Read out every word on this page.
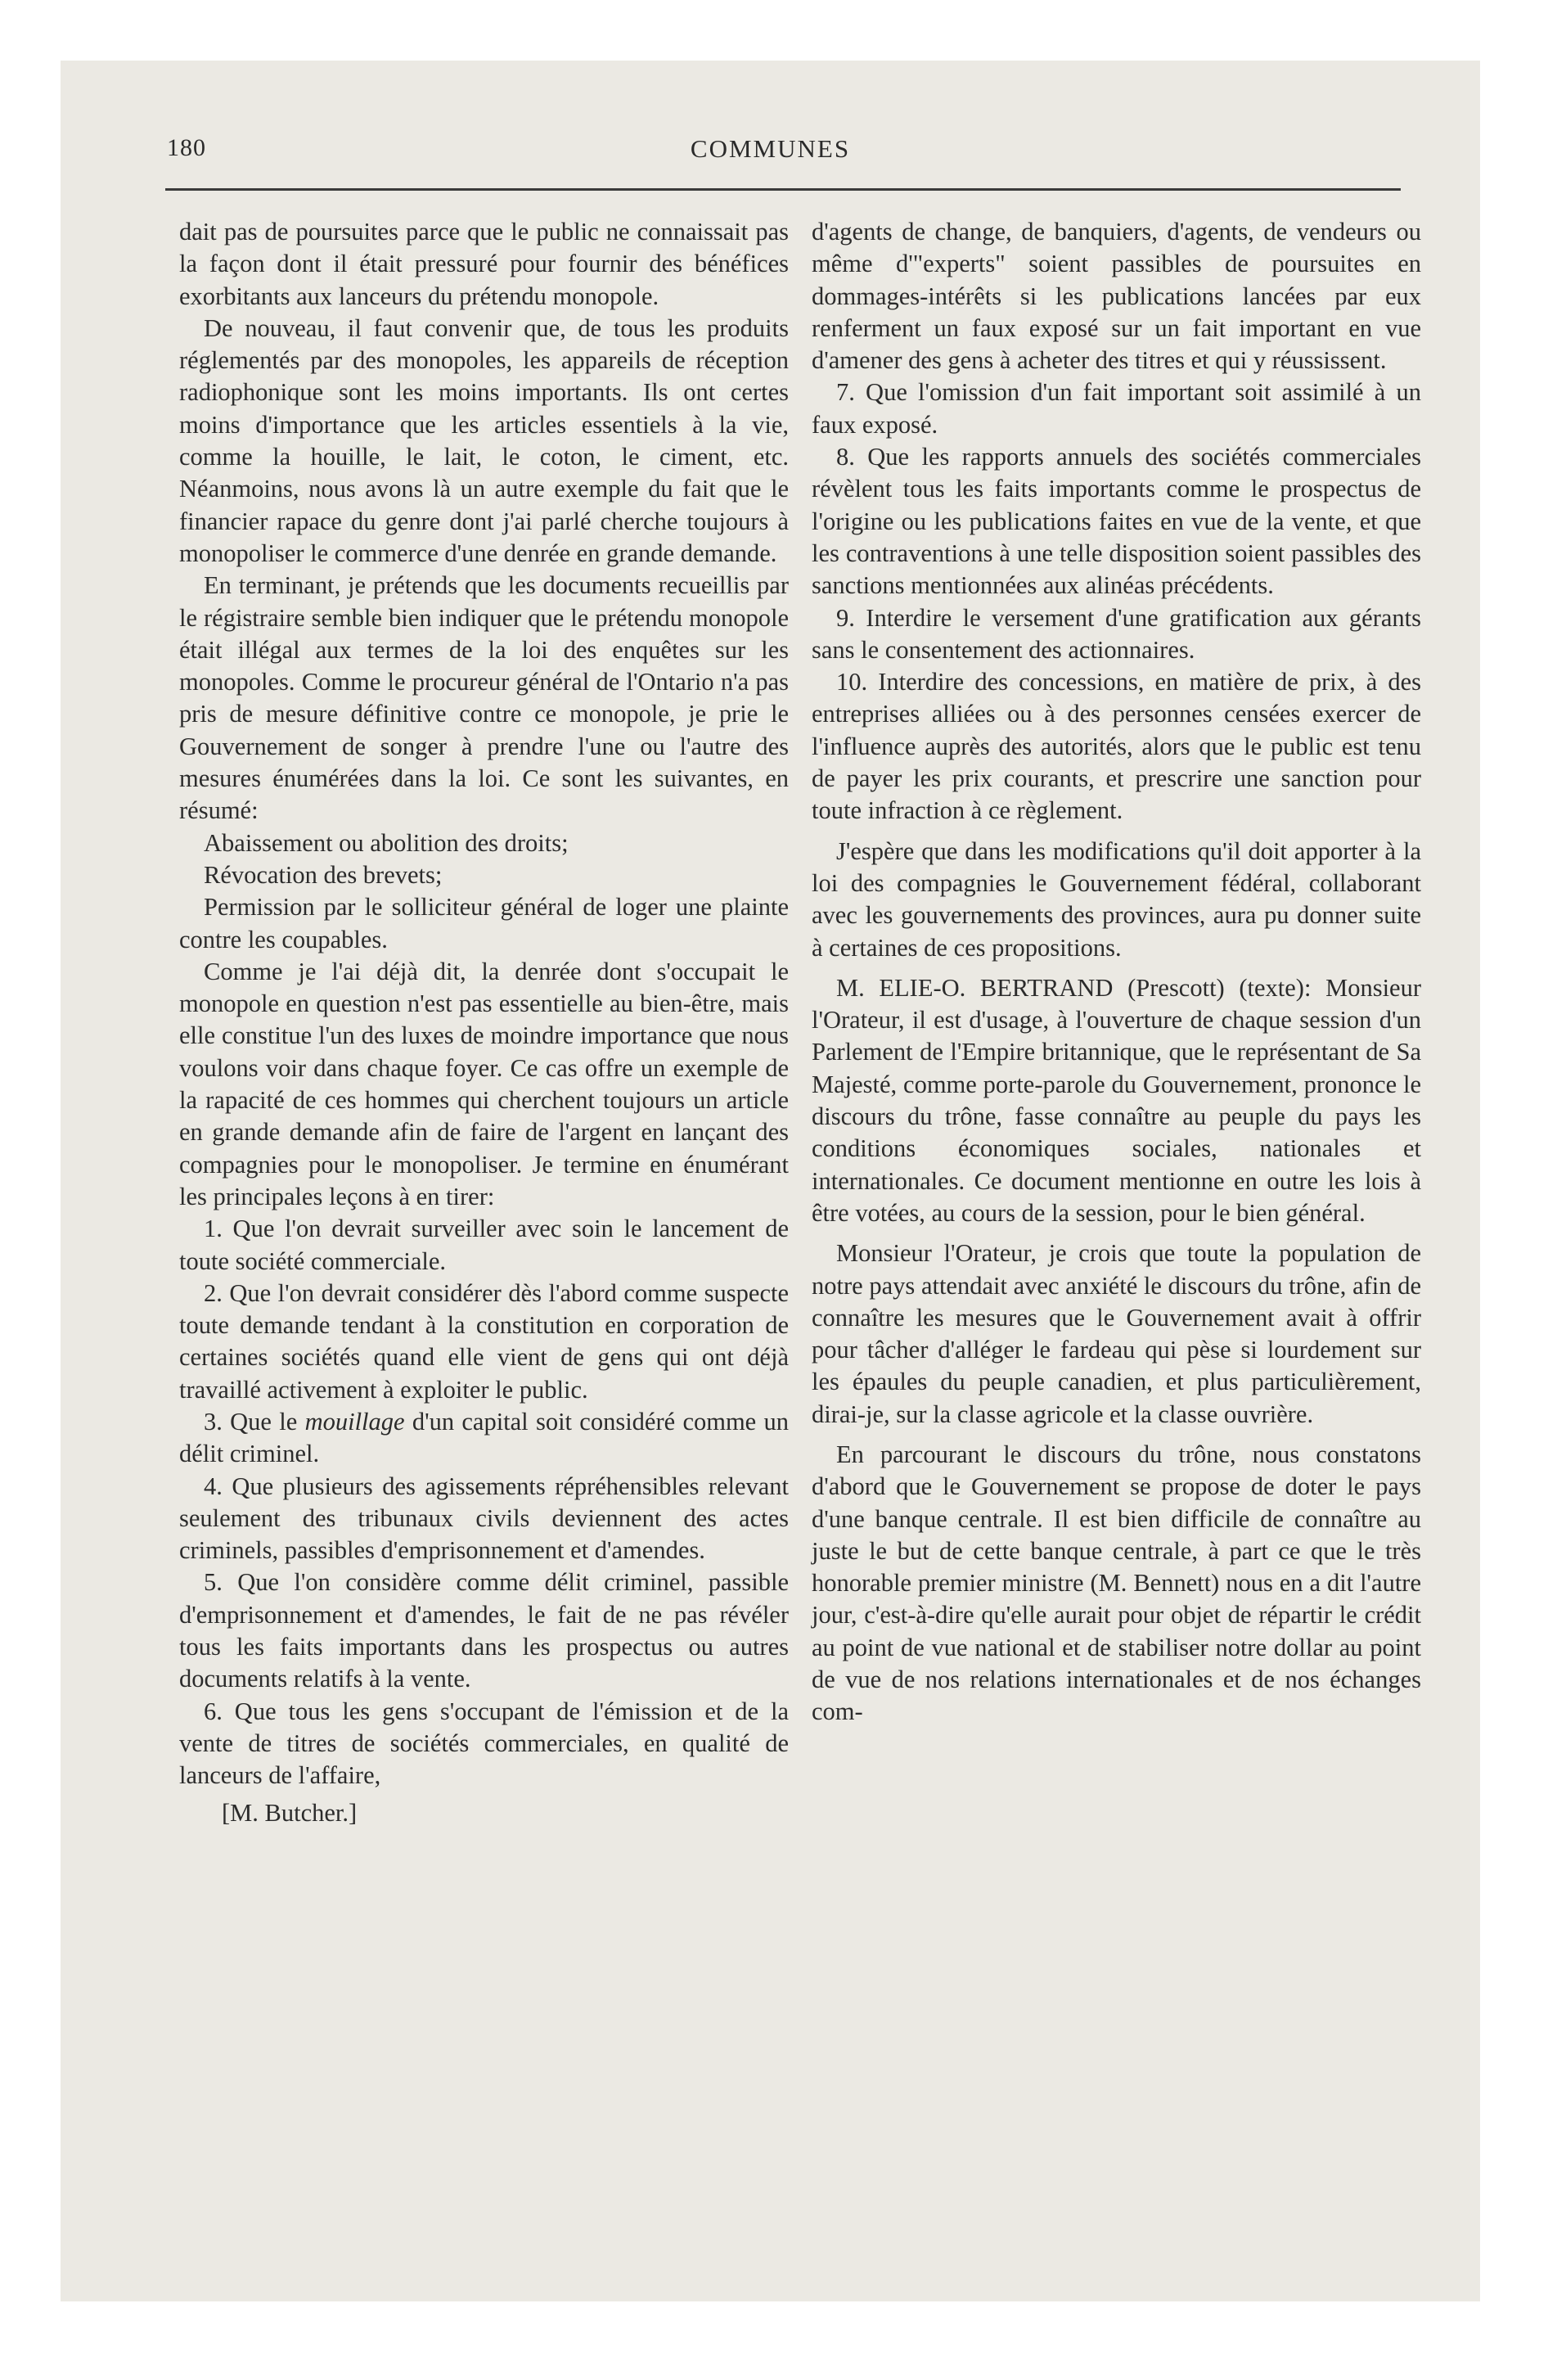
COMMUNES
180

dait pas de poursuites parce que le public ne connaissait pas la façon dont il était pressuré pour fournir des bénéfices exorbitants aux lanceurs du prétendu monopole.

De nouveau, il faut convenir que, de tous les produits réglementés par des monopoles, les appareils de réception radiophonique sont les moins importants. Ils ont certes moins d'importance que les articles essentiels à la vie, comme la houille, le lait, le coton, le ciment, etc. Néanmoins, nous avons là un autre exemple du fait que le financier rapace du genre dont j'ai parlé cherche toujours à monopoliser le commerce d'une denrée en grande demande.

En terminant, je prétends que les documents recueillis par le régistraire semble bien indiquer que le prétendu monopole était illégal aux termes de la loi des enquêtes sur les monopoles. Comme le procureur général de l'Ontario n'a pas pris de mesure définitive contre ce monopole, je prie le Gouvernement de songer à prendre l'une ou l'autre des mesures énumérées dans la loi. Ce sont les suivantes, en résumé:

Abaissement ou abolition des droits;

Révocation des brevets;

Permission par le solliciteur général de loger une plainte contre les coupables.

Comme je l'ai déjà dit, la denrée dont s'occupait le monopole en question n'est pas essentielle au bien-être, mais elle constitue l'un des luxes de moindre importance que nous voulons voir dans chaque foyer. Ce cas offre un exemple de la rapacité de ces hommes qui cherchent toujours un article en grande demande afin de faire de l'argent en lançant des compagnies pour le monopoliser. Je termine en énumérant les principales leçons à en tirer:

1. Que l'on devrait surveiller avec soin le lancement de toute société commerciale.

2. Que l'on devrait considérer dès l'abord comme suspecte toute demande tendant à la constitution en corporation de certaines sociétés quand elle vient de gens qui ont déjà travaillé activement à exploiter le public.

3. Que le mouillage d'un capital soit considéré comme un délit criminel.

4. Que plusieurs des agissements répréhensibles relevant seulement des tribunaux civils deviennent des actes criminels, passibles d'emprisonnement et d'amendes.

5. Que l'on considère comme délit criminel, passible d'emprisonnement et d'amendes, le fait de ne pas révéler tous les faits importants dans les prospectus ou autres documents relatifs à la vente.

6. Que tous les gens s'occupant de l'émission et de la vente de titres de sociétés commerciales, en qualité de lanceurs de l'affaire,

[M. Butcher.]

d'agents de change, de banquiers, d'agents, de vendeurs ou même d'"experts" soient passibles de poursuites en dommages-intérêts si les publications lancées par eux renferment un faux exposé sur un fait important en vue d'amener des gens à acheter des titres et qui y réussissent.

7. Que l'omission d'un fait important soit assimilé à un faux exposé.

8. Que les rapports annuels des sociétés commerciales révèlent tous les faits importants comme le prospectus de l'origine ou les publications faites en vue de la vente, et que les contraventions à une telle disposition soient passibles des sanctions mentionnées aux alinéas précédents.

9. Interdire le versement d'une gratification aux gérants sans le consentement des actionnaires.

10. Interdire des concessions, en matière de prix, à des entreprises alliées ou à des personnes censées exercer de l'influence auprès des autorités, alors que le public est tenu de payer les prix courants, et prescrire une sanction pour toute infraction à ce règlement.

J'espère que dans les modifications qu'il doit apporter à la loi des compagnies le Gouvernement fédéral, collaborant avec les gouvernements des provinces, aura pu donner suite à certaines de ces propositions.

M. ELIE-O. BERTRAND (Prescott) (texte): Monsieur l'Orateur, il est d'usage, à l'ouverture de chaque session d'un Parlement de l'Empire britannique, que le représentant de Sa Majesté, comme porte-parole du Gouvernement, prononce le discours du trône, fasse connaître au peuple du pays les conditions économiques sociales, nationales et internationales. Ce document mentionne en outre les lois à être votées, au cours de la session, pour le bien général.

Monsieur l'Orateur, je crois que toute la population de notre pays attendait avec anxiété le discours du trône, afin de connaître les mesures que le Gouvernement avait à offrir pour tâcher d'alléger le fardeau qui pèse si lourdement sur les épaules du peuple canadien, et plus particulièrement, dirai-je, sur la classe agricole et la classe ouvrière.

En parcourant le discours du trône, nous constatons d'abord que le Gouvernement se propose de doter le pays d'une banque centrale. Il est bien difficile de connaître au juste le but de cette banque centrale, à part ce que le très honorable premier ministre (M. Bennett) nous en a dit l'autre jour, c'est-à-dire qu'elle aurait pour objet de répartir le crédit au point de vue national et de stabiliser notre dollar au point de vue de nos relations internationales et de nos échanges com-
